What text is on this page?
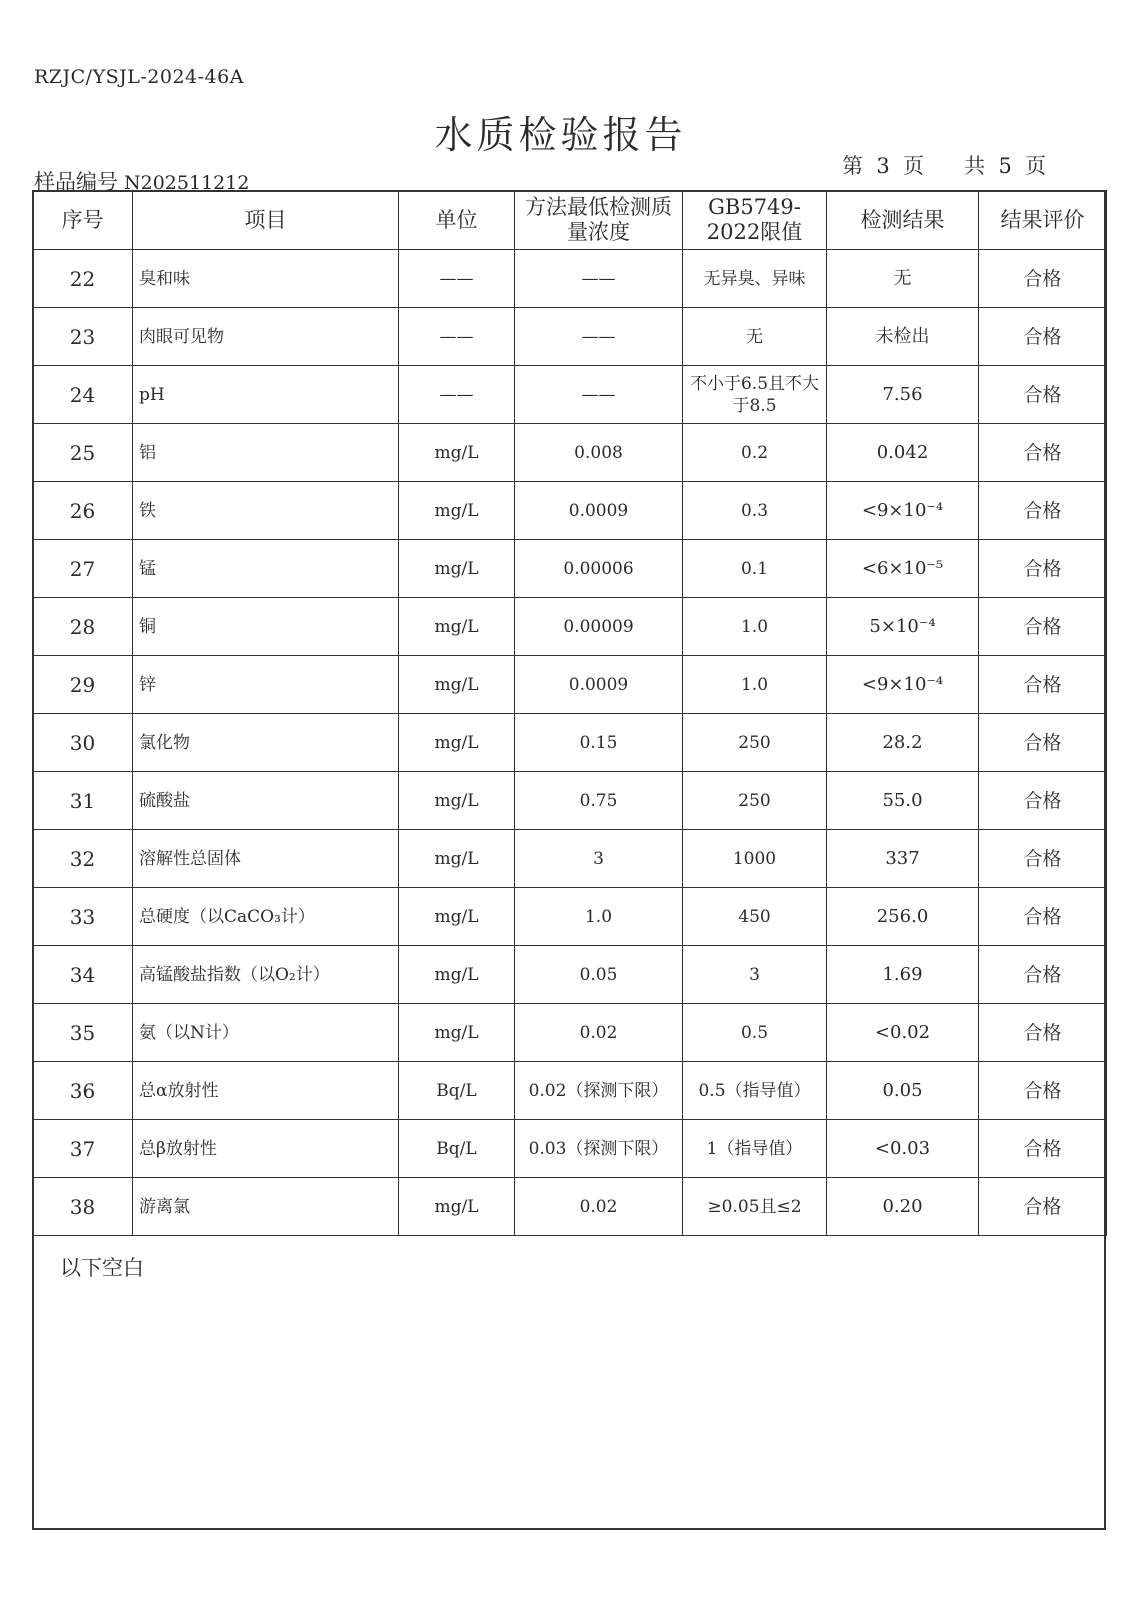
RZJC/YSJL-2024-46A
水质检验报告
样品编号 N202511212
第  3  页      共  5  页
序号	项目	单位	方法最低检测质量浓度	GB5749-2022限值	检测结果	结果评价
22	臭和味	——	——	无异臭、异味	无	合格
23	肉眼可见物	——	——	无	未检出	合格
24	pH	——	——	不小于6.5且不大于8.5	7.56	合格
25	铝	mg/L	0.008	0.2	0.042	合格
26	铁	mg/L	0.0009	0.3	<9×10⁻⁴	合格
27	锰	mg/L	0.00006	0.1	<6×10⁻⁵	合格
28	铜	mg/L	0.00009	1.0	5×10⁻⁴	合格
29	锌	mg/L	0.0009	1.0	<9×10⁻⁴	合格
30	氯化物	mg/L	0.15	250	28.2	合格
31	硫酸盐	mg/L	0.75	250	55.0	合格
32	溶解性总固体	mg/L	3	1000	337	合格
33	总硬度（以CaCO₃计）	mg/L	1.0	450	256.0	合格
34	高锰酸盐指数（以O₂计）	mg/L	0.05	3	1.69	合格
35	氨（以N计）	mg/L	0.02	0.5	<0.02	合格
36	总α放射性	Bq/L	0.02（探测下限）	0.5（指导值）	0.05	合格
37	总β放射性	Bq/L	0.03（探测下限）	1（指导值）	<0.03	合格
38	游离氯	mg/L	0.02	≥0.05且≤2	0.20	合格
以下空白
